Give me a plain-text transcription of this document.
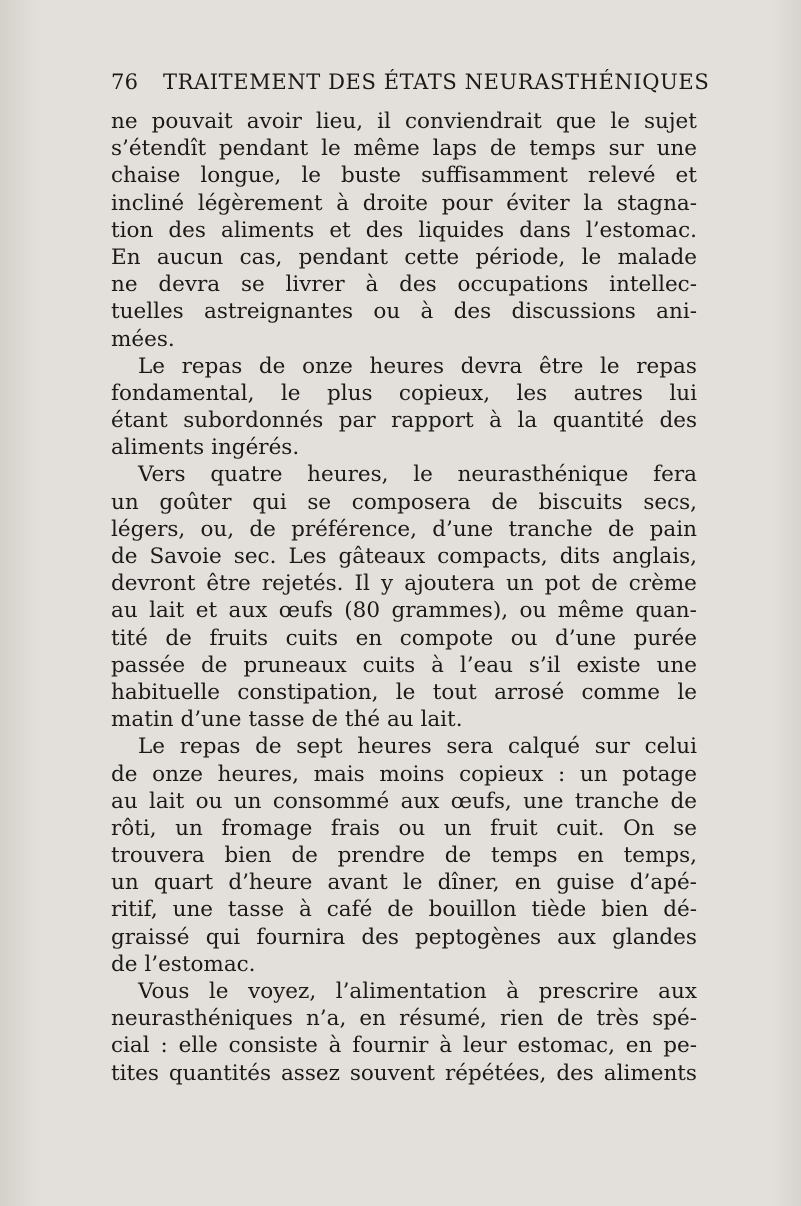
76 TRAITEMENT DES ÉTATS NEURASTHÉNIQUES
ne pouvait avoir lieu, il conviendrait que le sujet
s’étendît pendant le même laps de temps sur une
chaise longue, le buste suffisamment relevé et
incliné légèrement à droite pour éviter la stagna-
tion des aliments et des liquides dans l’estomac.
En aucun cas, pendant cette période, le malade
ne devra se livrer à des occupations intellec-
tuelles astreignantes ou à des discussions ani-
mées.
Le repas de onze heures devra être le repas
fondamental, le plus copieux, les autres lui
étant subordonnés par rapport à la quantité des
aliments ingérés.
Vers quatre heures, le neurasthénique fera
un goûter qui se composera de biscuits secs,
légers, ou, de préférence, d’une tranche de pain
de Savoie sec. Les gâteaux compacts, dits anglais,
devront être rejetés. Il y ajoutera un pot de crème
au lait et aux œufs (80 grammes), ou même quan-
tité de fruits cuits en compote ou d’une purée
passée de pruneaux cuits à l’eau s’il existe une
habituelle constipation, le tout arrosé comme le
matin d’une tasse de thé au lait.
Le repas de sept heures sera calqué sur celui
de onze heures, mais moins copieux : un potage
au lait ou un consommé aux œufs, une tranche de
rôti, un fromage frais ou un fruit cuit. On se
trouvera bien de prendre de temps en temps,
un quart d’heure avant le dîner, en guise d’apé-
ritif, une tasse à café de bouillon tiède bien dé-
graissé qui fournira des peptogènes aux glandes
de l’estomac.
Vous le voyez, l’alimentation à prescrire aux
neurasthéniques n’a, en résumé, rien de très spé-
cial : elle consiste à fournir à leur estomac, en pe-
tites quantités assez souvent répétées, des aliments
